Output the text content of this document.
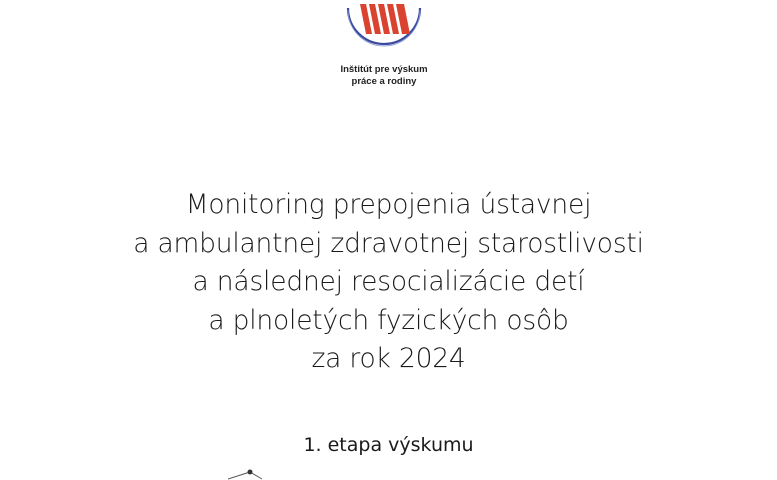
Inštitút pre výskum
práce a rodiny
Monitoring prepojenia ústavnej
a ambulantnej zdravotnej starostlivosti
a následnej resocializácie detí
a plnoletých fyzických osôb
za rok 2024
1. etapa výskumu
